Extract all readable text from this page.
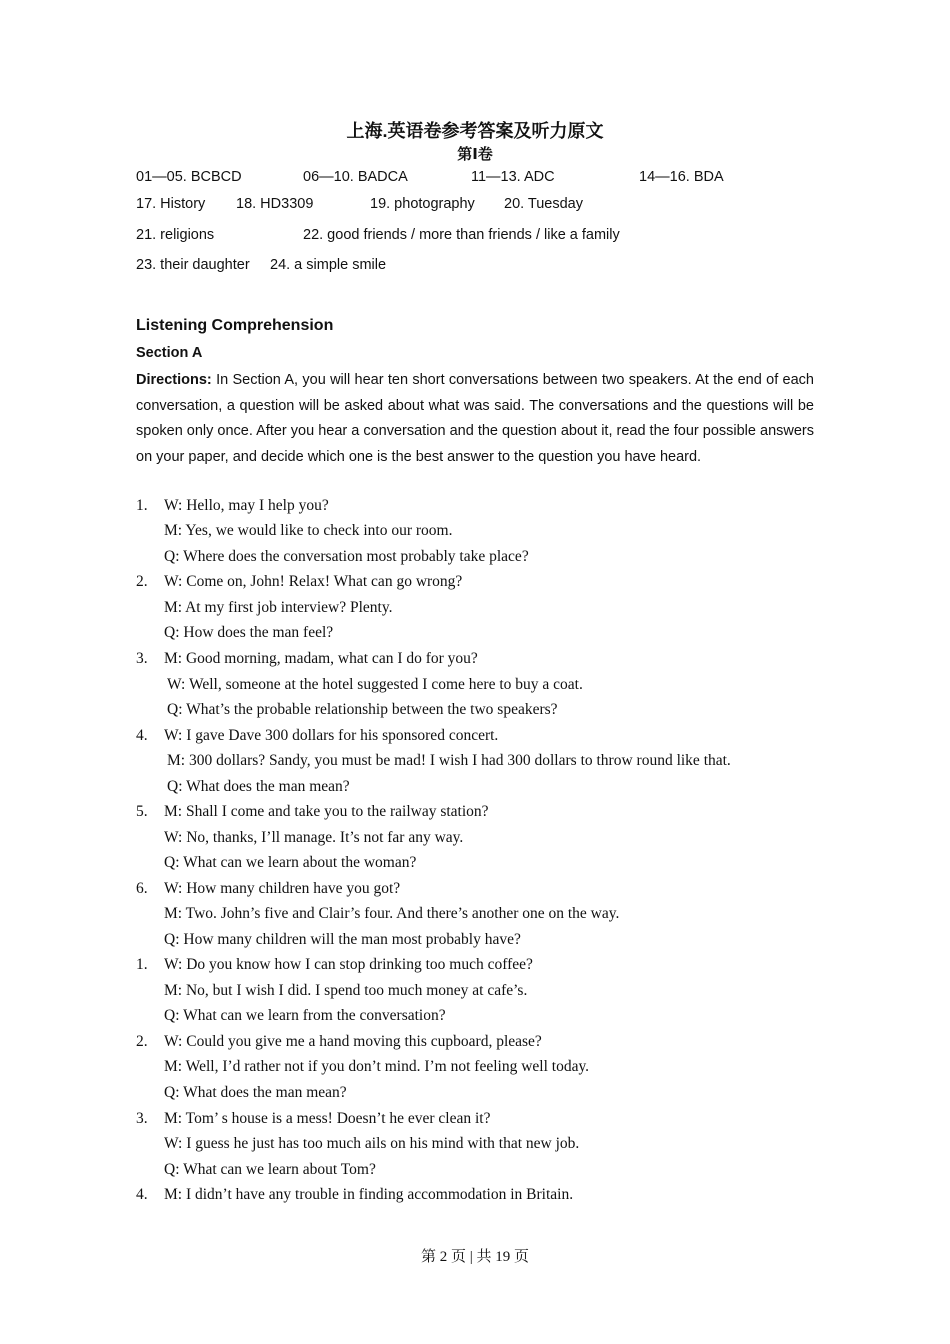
上海.英语卷参考答案及听力原文
第Ⅰ卷
01—05. BCBCD	06—10. BADCA	11—13. ADC	14—16. BDA
17. History 18. HD3309	19. photography 20. Tuesday
21. religions	22. good friends / more than friends / like a family
23. their daughter 24. a simple smile
Listening Comprehension
Section A
Directions: In Section A, you will hear ten short conversations between two speakers. At the end of each conversation, a question will be asked about what was said. The conversations and the questions will be spoken only once. After you hear a conversation and the question about it, read the four possible answers on your paper, and decide which one is the best answer to the question you have heard.
1. W: Hello, may I help you?
M: Yes, we would like to check into our room.
Q: Where does the conversation most probably take place?
2. W: Come on, John! Relax! What can go wrong?
M: At my first job interview? Plenty.
Q: How does the man feel?
3. M: Good morning, madam, what can I do for you?
W: Well, someone at the hotel suggested I come here to buy a coat.
Q: What’s the probable relationship between the two speakers?
4. W: I gave Dave 300 dollars for his sponsored concert.
M: 300 dollars? Sandy, you must be mad! I wish I had 300 dollars to throw round like that.
Q: What does the man mean?
5. M: Shall I come and take you to the railway station?
W: No, thanks, I’ll manage. It’s not far any way.
Q: What can we learn about the woman?
6. W: How many children have you got?
M: Two. John’s five and Clair’s four. And there’s another one on the way.
Q: How many children will the man most probably have?
1. W: Do you know how I can stop drinking too much coffee?
M: No, but I wish I did. I spend too much money at cafe’s.
Q: What can we learn from the conversation?
2. W: Could you give me a hand moving this cupboard, please?
M: Well, I’d rather not if you don’t mind. I’m not feeling well today.
Q: What does the man mean?
3. M: Tom’ s house is a mess! Doesn’t he ever clean it?
W: I guess he just has too much ails on his mind with that new job.
Q: What can we learn about Tom?
4. M: I didn’t have any trouble in finding accommodation in Britain.
第 2 页 | 共 19 页
